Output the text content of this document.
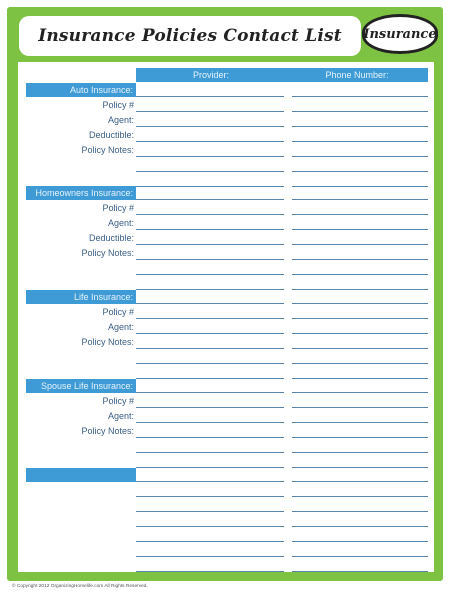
Insurance Policies Contact List Insurance
Provider:	Phone Number:
Auto Insurance:
Policy #
Agent:
Deductible:
Policy Notes:
Homeowners Insurance:
Policy #
Agent:
Deductible:
Policy Notes:
Life Insurance:
Policy #
Agent:
Policy Notes:
Spouse Life Insurance:
Policy #
Agent:
Policy Notes:
© Copyright 2012 OrganizingHomelife.com All Rights Reserved.
